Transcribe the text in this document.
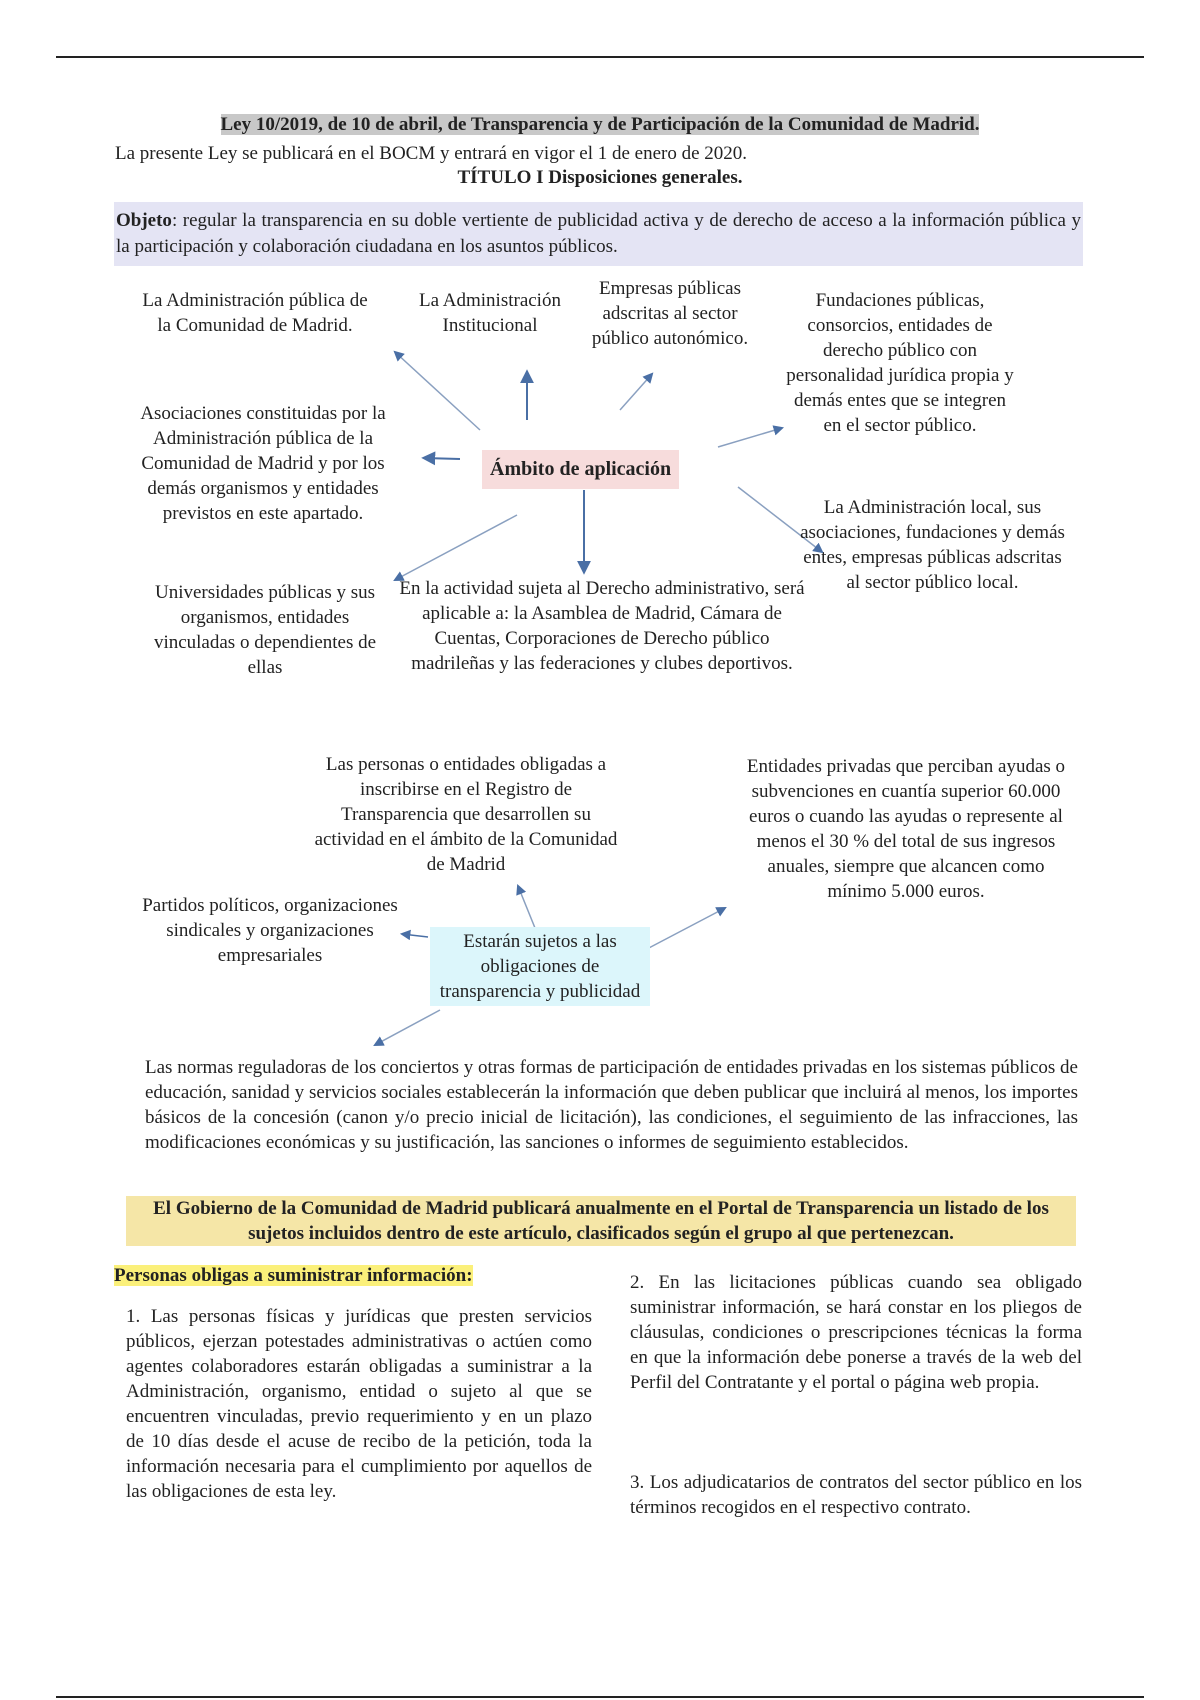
Ley 10/2019, de 10 de abril, de Transparencia y de Participación de la Comunidad de Madrid.
La presente Ley se publicará en el BOCM y entrará en vigor el 1 de enero de 2020.
TÍTULO I Disposiciones generales.
Objeto: regular la transparencia en su doble vertiente de publicidad activa y de derecho de acceso a la información pública y la participación y colaboración ciudadana en los asuntos públicos.
La Administración pública de la Comunidad de Madrid.
La Administración Institucional
Empresas públicas adscritas al sector público autonómico.
Fundaciones públicas, consorcios, entidades de derecho público con personalidad jurídica propia y demás entes que se integren en el sector público.
Asociaciones constituidas por la Administración pública de la Comunidad de Madrid y por los demás organismos y entidades previstos en este apartado.
Ámbito de aplicación
La Administración local, sus asociaciones, fundaciones y demás entes, empresas públicas adscritas al sector público local.
Universidades públicas y sus organismos, entidades vinculadas o dependientes de ellas
En la actividad sujeta al Derecho administrativo, será aplicable a: la Asamblea de Madrid, Cámara de Cuentas, Corporaciones de Derecho público madrileñas y las federaciones y clubes deportivos.
Las personas o entidades obligadas a inscribirse en el Registro de Transparencia que desarrollen su actividad en el ámbito de la Comunidad de Madrid
Entidades privadas que perciban ayudas o subvenciones en cuantía superior 60.000 euros o cuando las ayudas o represente al menos el 30 % del total de sus ingresos anuales, siempre que alcancen como mínimo 5.000 euros.
Partidos políticos, organizaciones sindicales y organizaciones empresariales
Estarán sujetos a las obligaciones de transparencia y publicidad
Las normas reguladoras de los conciertos y otras formas de participación de entidades privadas en los sistemas públicos de educación, sanidad y servicios sociales establecerán la información que deben publicar que incluirá al menos, los importes básicos de la concesión (canon y/o precio inicial de licitación), las condiciones, el seguimiento de las infracciones, las modificaciones económicas y su justificación, las sanciones o informes de seguimiento establecidos.
El Gobierno de la Comunidad de Madrid publicará anualmente en el Portal de Transparencia un listado de los sujetos incluidos dentro de este artículo, clasificados según el grupo al que pertenezcan.
Personas obligas a suministrar información:
1. Las personas físicas y jurídicas que presten servicios públicos, ejerzan potestades administrativas o actúen como agentes colaboradores estarán obligadas a suministrar a la Administración, organismo, entidad o sujeto al que se encuentren vinculadas, previo requerimiento y en un plazo de 10 días desde el acuse de recibo de la petición, toda la información necesaria para el cumplimiento por aquellos de las obligaciones de esta ley.
2. En las licitaciones públicas cuando sea obligado suministrar información, se hará constar en los pliegos de cláusulas, condiciones o prescripciones técnicas la forma en que la información debe ponerse a través de la web del Perfil del Contratante y el portal o página web propia.
3. Los adjudicatarios de contratos del sector público en los términos recogidos en el respectivo contrato.
